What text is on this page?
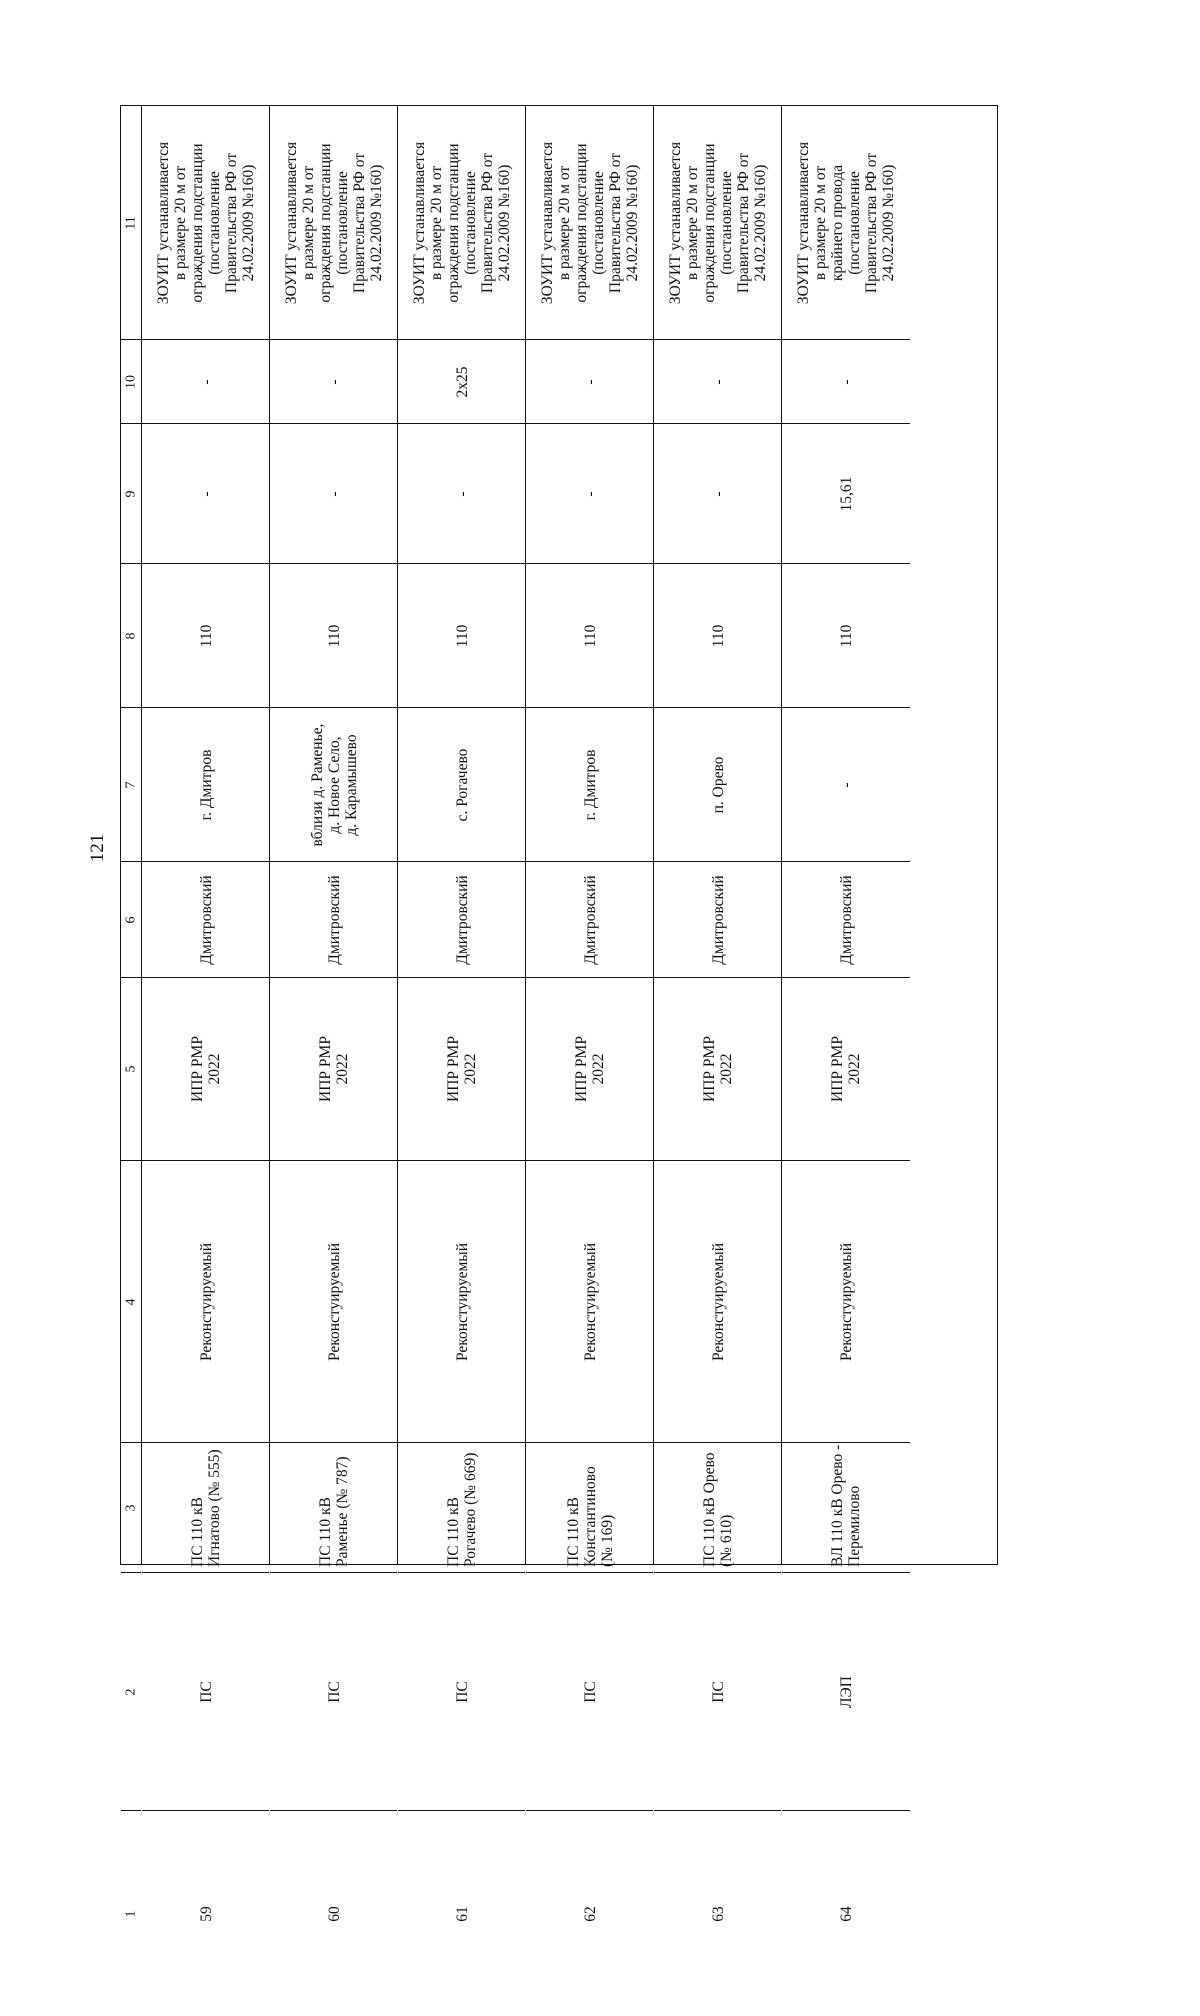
121
11
10
9
8
7
6
5
4
3
2
1
ЗОУИТ устанавливается
в размере 20 м от
ограждения подстанции
(постановление
Правительства РФ от
24.02.2009 №160)
-
-
110
г. Дмитров
Дмитровский
ИПР РМР
2022
Реконстуируемый
ПС 110 кВ
Игнатово (№ 555)
ПС
59
ЗОУИТ устанавливается
в размере 20 м от
ограждения подстанции
(постановление
Правительства РФ от
24.02.2009 №160)
-
-
110
вблизи д. Раменье,
д. Новое Село,
д. Карамышево
Дмитровский
ИПР РМР
2022
Реконстуируемый
ПС 110 кВ
Раменье (№ 787)
ПС
60
ЗОУИТ устанавливается
в размере 20 м от
ограждения подстанции
(постановление
Правительства РФ от
24.02.2009 №160)
2x25
-
110
с. Рогачево
Дмитровский
ИПР РМР
2022
Реконстуируемый
ПС 110 кВ
Рогачево (№ 669)
ПС
61
ЗОУИТ устанавливается
в размере 20 м от
ограждения подстанции
(постановление
Правительства РФ от
24.02.2009 №160)
-
-
110
г. Дмитров
Дмитровский
ИПР РМР
2022
Реконстуируемый
ПС 110 кВ
Константиново
(№ 169)
ПС
62
ЗОУИТ устанавливается
в размере 20 м от
ограждения подстанции
(постановление
Правительства РФ от
24.02.2009 №160)
-
-
110
п. Орево
Дмитровский
ИПР РМР
2022
Реконстуируемый
ПС 110 кВ Орево
(№ 610)
ПС
63
ЗОУИТ устанавливается
в размере 20 м от
крайнего провода
(постановление
Правительства РФ от
24.02.2009 №160)
-
15,61
110
-
Дмитровский
ИПР РМР
2022
Реконстуируемый
ВЛ 110 кВ Орево -
Перемилово
ЛЭП
64
